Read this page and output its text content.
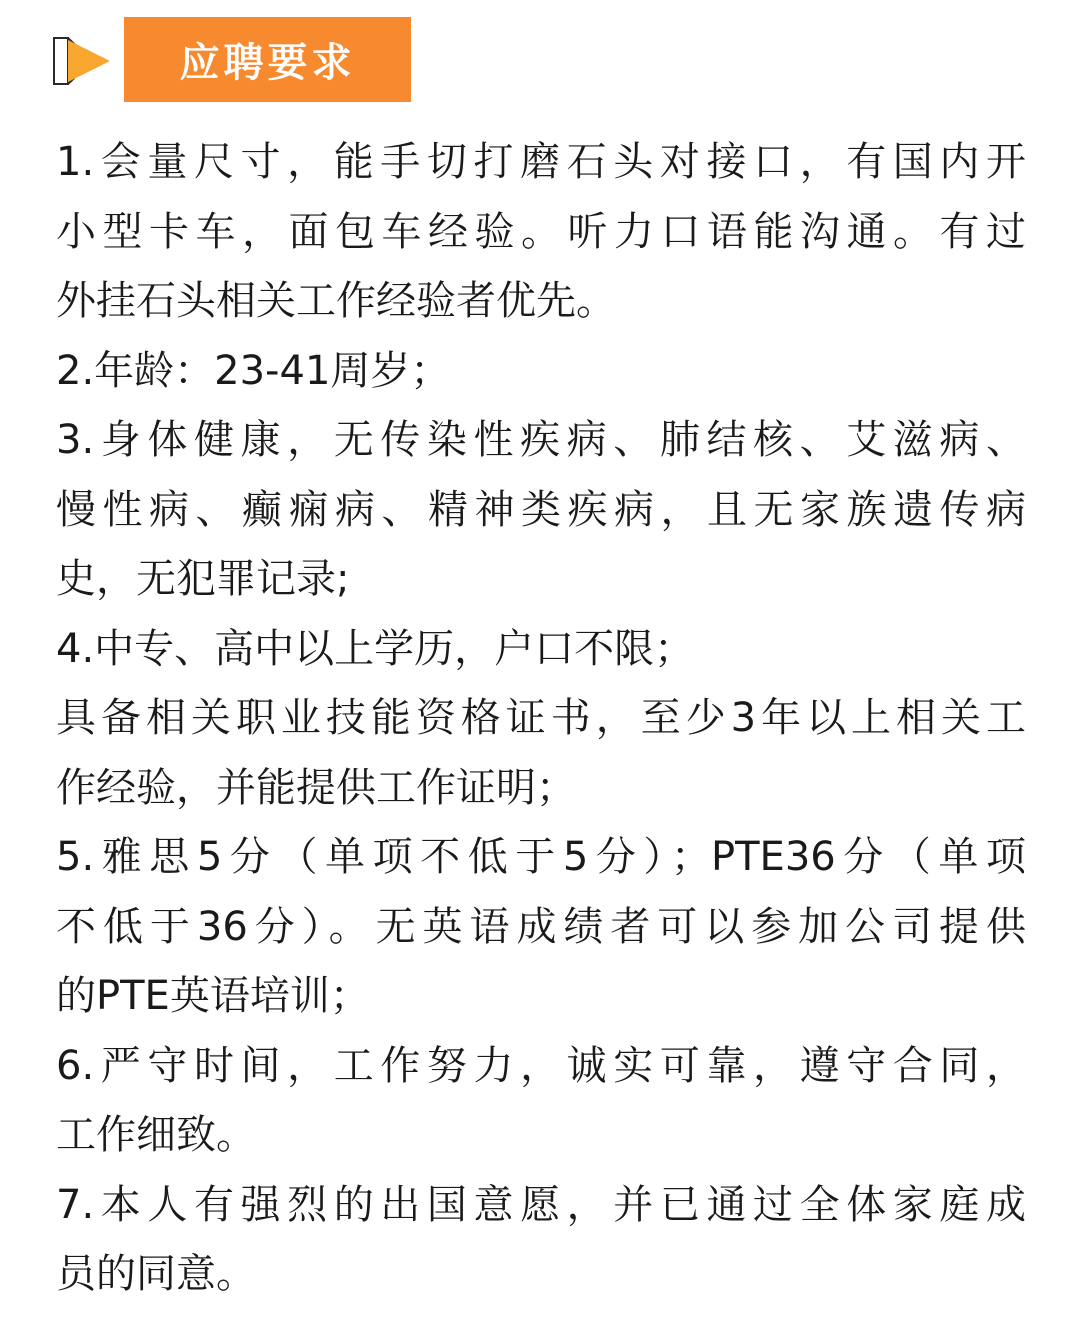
应聘要求
1.会量尺寸，能手切打磨石头对接口，有国内开
小型卡车，面包车经验。听力口语能沟通。有过
外挂石头相关工作经验者优先。
2.年龄：23-41周岁；
3.身体健康，无传染性疾病、肺结核、艾滋病、
慢性病、癫痫病、精神类疾病，且无家族遗传病
史，无犯罪记录;
4.中专、高中以上学历，户口不限；
具备相关职业技能资格证书，至少3年以上相关工
作经验，并能提供工作证明；
5.雅思5分（单项不低于5分）；PTE36分（单项
不低于36分）。无英语成绩者可以参加公司提供
的PTE英语培训；
6.严守时间，工作努力，诚实可靠，遵守合同，
工作细致。
7.本人有强烈的出国意愿，并已通过全体家庭成
员的同意。
